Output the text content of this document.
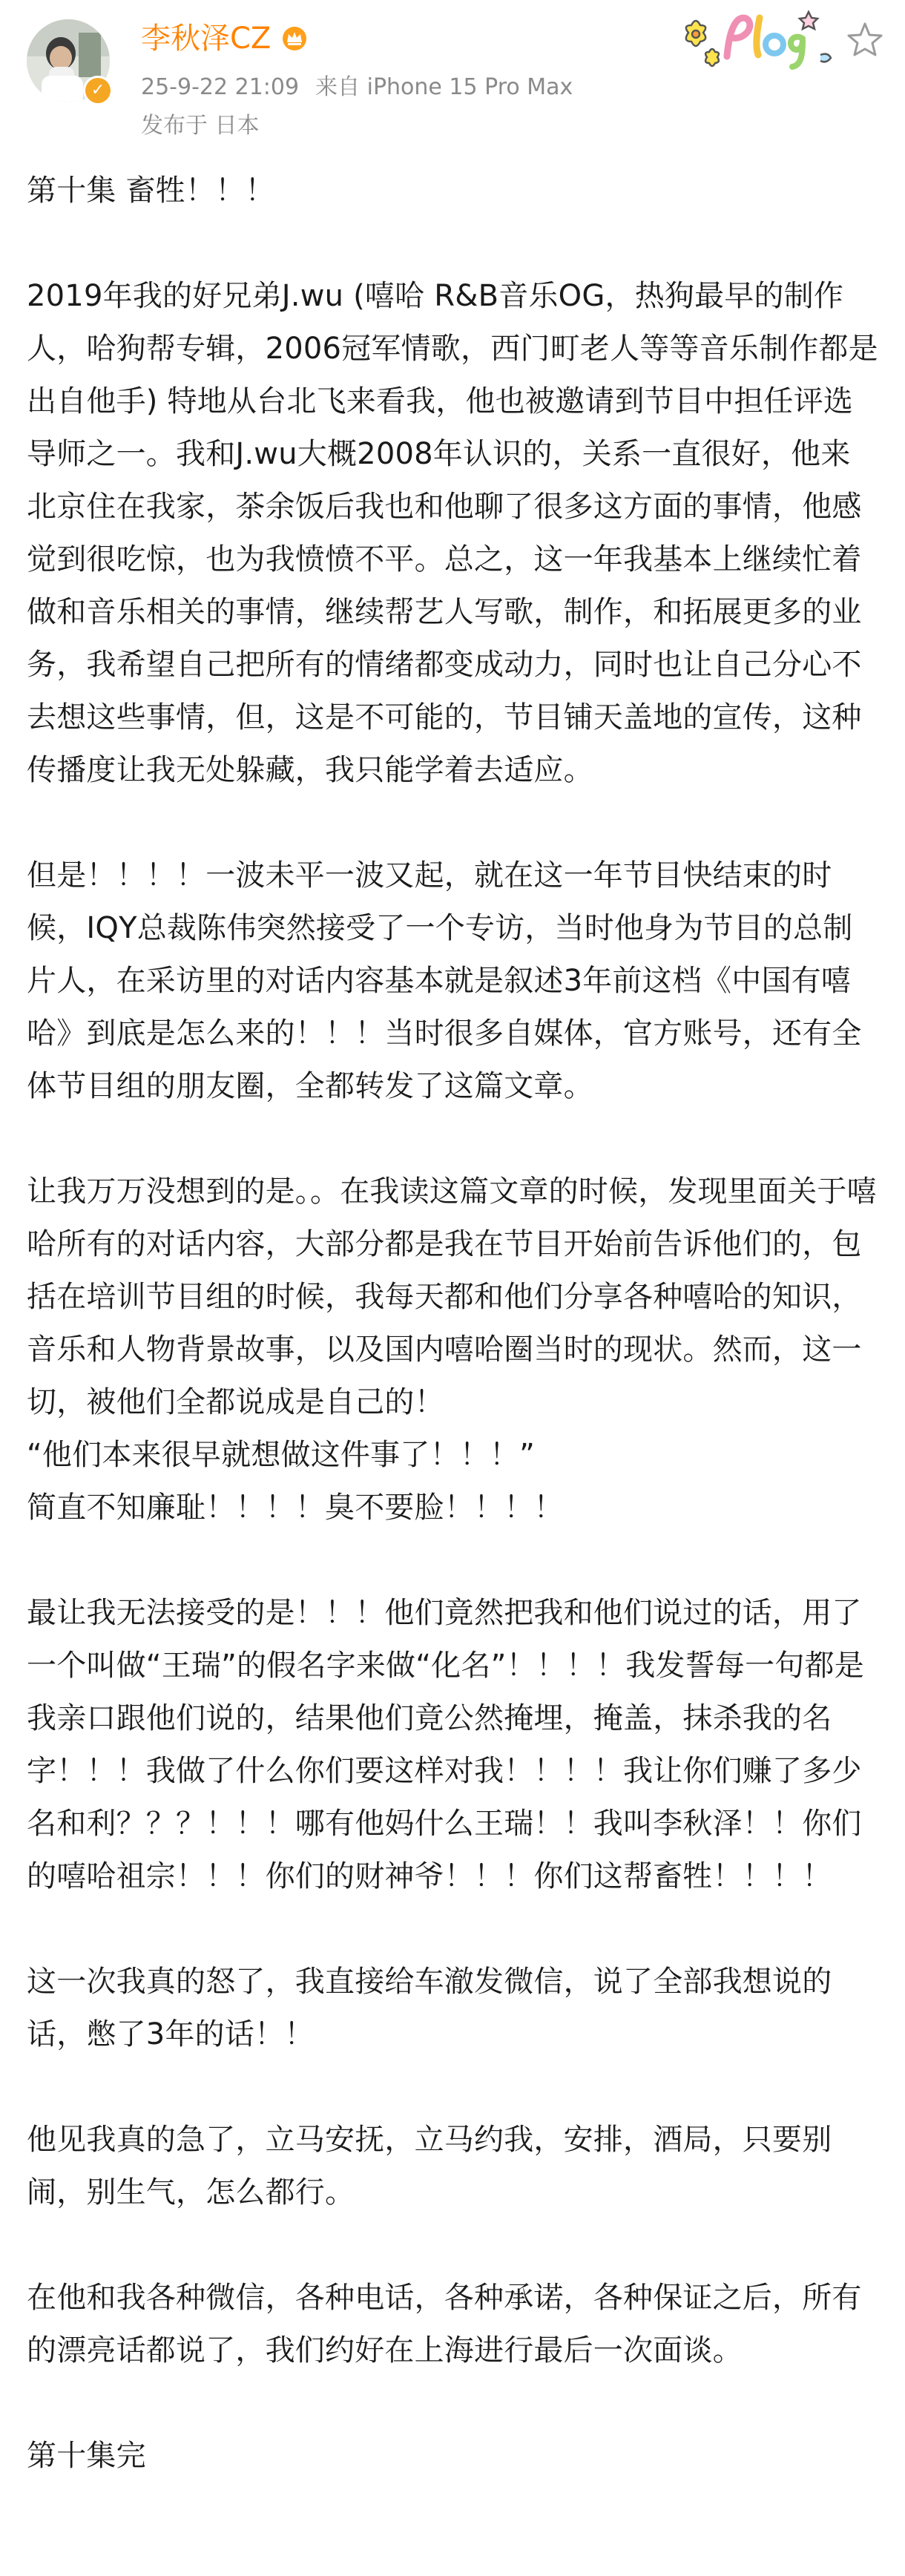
✓
李秋泽CZ
25-9-22 21:09 来自 iPhone 15 Pro Max
发布于 日本

第十集 畜牲！！！

2019年我的好兄弟J.wu (嘻哈 R&B音乐OG，热狗最早的制作人，哈狗帮专辑，2006冠军情歌，西门町老人等等音乐制作都是出自他手) 特地从台北飞来看我，他也被邀请到节目中担任评选导师之一。我和J.wu大概2008年认识的，关系一直很好，他来北京住在我家，茶余饭后我也和他聊了很多这方面的事情，他感觉到很吃惊，也为我愤愤不平。总之，这一年我基本上继续忙着做和音乐相关的事情，继续帮艺人写歌，制作，和拓展更多的业务，我希望自己把所有的情绪都变成动力，同时也让自己分心不去想这些事情，但，这是不可能的，节目铺天盖地的宣传，这种传播度让我无处躲藏，我只能学着去适应。

但是！！！！一波未平一波又起，就在这一年节目快结束的时候，IQY总裁陈伟突然接受了一个专访，当时他身为节目的总制片人，在采访里的对话内容基本就是叙述3年前这档《中国有嘻哈》到底是怎么来的！！！当时很多自媒体，官方账号，还有全体节目组的朋友圈，全都转发了这篇文章。

让我万万没想到的是。。在我读这篇文章的时候，发现里面关于嘻哈所有的对话内容，大部分都是我在节目开始前告诉他们的，包括在培训节目组的时候，我每天都和他们分享各种嘻哈的知识，音乐和人物背景故事，以及国内嘻哈圈当时的现状。然而，这一切，被他们全都说成是自己的！
“他们本来很早就想做这件事了！！！”
简直不知廉耻！！！！臭不要脸！！！！

最让我无法接受的是！！！他们竟然把我和他们说过的话，用了一个叫做“王瑞”的假名字来做“化名”！！！！我发誓每一句都是我亲口跟他们说的，结果他们竟公然掩埋，掩盖，抹杀我的名字！！！我做了什么你们要这样对我！！！！我让你们赚了多少名和利？？？！！！哪有他妈什么王瑞！！我叫李秋泽！！你们的嘻哈祖宗！！！你们的财神爷！！！你们这帮畜牲！！！！

这一次我真的怒了，我直接给车澈发微信，说了全部我想说的话，憋了3年的话！！

他见我真的急了，立马安抚，立马约我，安排，酒局，只要别闹，别生气，怎么都行。

在他和我各种微信，各种电话，各种承诺，各种保证之后，所有的漂亮话都说了，我们约好在上海进行最后一次面谈。

第十集完
